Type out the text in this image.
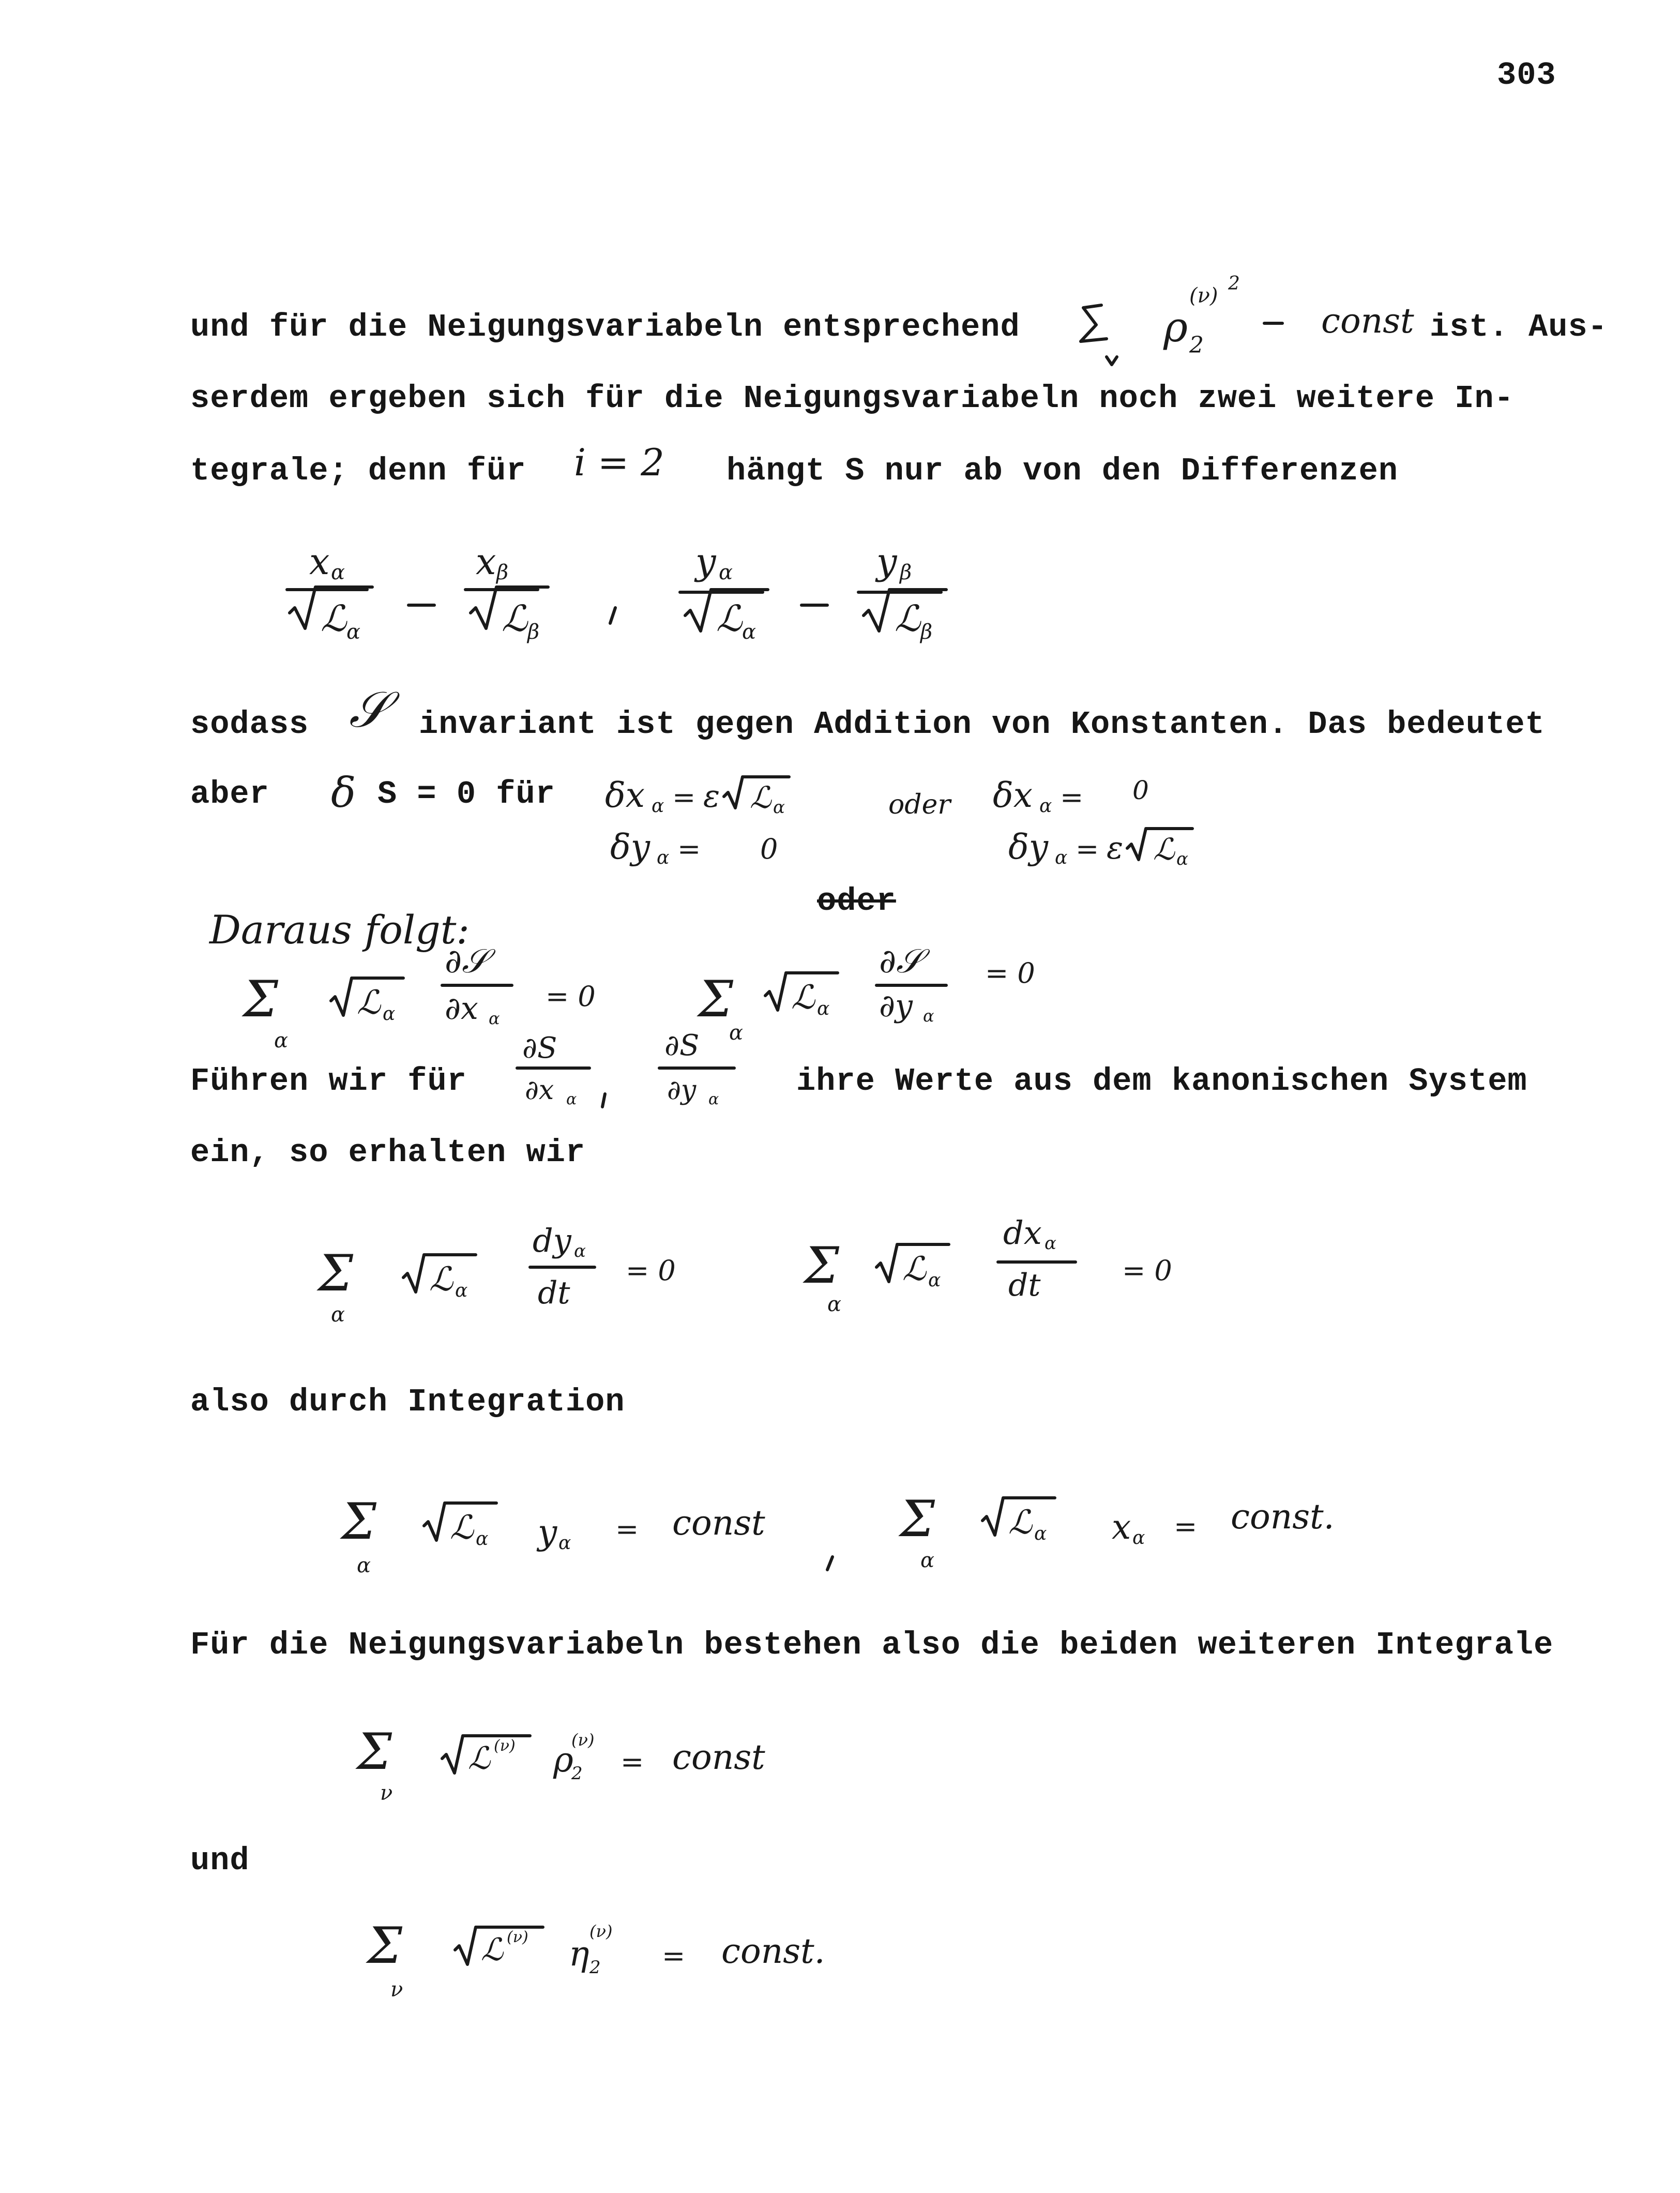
303
und für die Neigungsvariabeln entsprechend	const ist. Aus-
serdem ergeben sich für die Neigungsvariabeln noch zwei weitere In-
tegrale; denn für i = 2 hängt S nur ab von den Differenzen
sodass	invariant ist gegen Addition von Konstanten. Das bedeutet
aber	S = 0 für	oder
oder
Daraus folgt:
Führen wir für	ihre Werte aus dem kanonischen System
ein, so erhalten wir
also durch Integration
const	const.
Für die Neigungsvariabeln bestehen also die beiden weiteren Integrale
const
und
const.
ρ 2
(ν)
2
x α
ℒ α
x β
ℒ β
y α
ℒ α
y β
ℒ β
𝒮
δ	δx α = ε ℒ α
δy α = 0
δx α = 0
δy α = ε ℒ α
Σ
α
ℒ α
∂𝒮
∂x α
= 0 Σ
α
ℒ α
∂𝒮
∂y α
= 0
∂S
∂x α
∂S
∂y α
Σ
α
ℒ α
dy α
dt
= 0	Σ
α
ℒ α
dx α
dt	= 0
Σ
α
ℒ α y α =	Σ
α
ℒ α x α =
Σ
ν
ℒ (ν) ρ
2
(ν)
=
Σ
ν
ℒ (ν) η 2
(ν)
=
